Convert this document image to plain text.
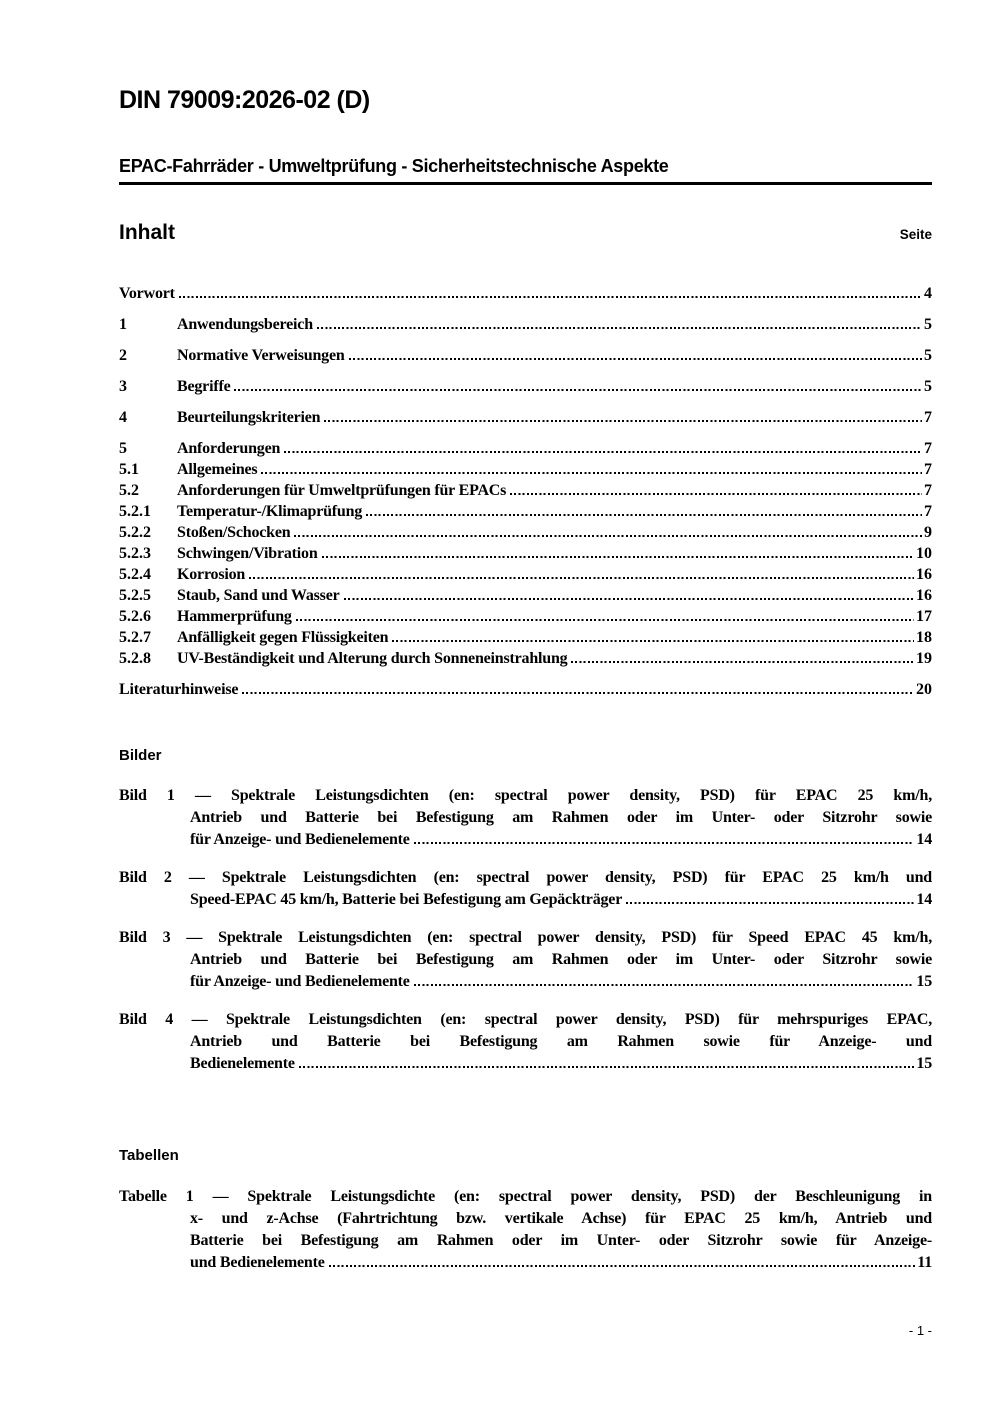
DIN 79009:2026-02 (D)
EPAC-Fahrräder - Umweltprüfung - Sicherheitstechnische Aspekte
Inhalt	Seite
Vorwort	4
1	Anwendungsbereich	5
2	Normative Verweisungen	5
3	Begriffe	5
4	Beurteilungskriterien	7
5	Anforderungen	7
5.1	Allgemeines	7
5.2	Anforderungen für Umweltprüfungen für EPACs	7
5.2.1	Temperatur-/Klimaprüfung	7
5.2.2	Stoßen/Schocken	9
5.2.3	Schwingen/Vibration	10
5.2.4	Korrosion	16
5.2.5	Staub, Sand und Wasser	16
5.2.6	Hammerprüfung	17
5.2.7	Anfälligkeit gegen Flüssigkeiten	18
5.2.8	UV-Beständigkeit und Alterung durch Sonneneinstrahlung	19
Literaturhinweise	20
Bilder
Bild 1 — Spektrale Leistungsdichten (en: spectral power density, PSD) für EPAC 25 km/h,
Antrieb und Batterie bei Befestigung am Rahmen oder im Unter- oder Sitzrohr sowie
für Anzeige- und Bedienelemente	14
Bild 2 — Spektrale Leistungsdichten (en: spectral power density, PSD) für EPAC 25 km/h und
Speed-EPAC 45 km/h, Batterie bei Befestigung am Gepäckträger	14
Bild 3 — Spektrale Leistungsdichten (en: spectral power density, PSD) für Speed EPAC 45 km/h,
Antrieb und Batterie bei Befestigung am Rahmen oder im Unter- oder Sitzrohr sowie
für Anzeige- und Bedienelemente	15
Bild 4 — Spektrale Leistungsdichten (en: spectral power density, PSD) für mehrspuriges EPAC,
Antrieb und Batterie bei Befestigung am Rahmen sowie für Anzeige- und
Bedienelemente	15
Tabellen
Tabelle 1 — Spektrale Leistungsdichte (en: spectral power density, PSD) der Beschleunigung in
x- und z-Achse (Fahrtrichtung bzw. vertikale Achse) für EPAC 25 km/h, Antrieb und
Batterie bei Befestigung am Rahmen oder im Unter- oder Sitzrohr sowie für Anzeige-
und Bedienelemente	11
- 1 -
